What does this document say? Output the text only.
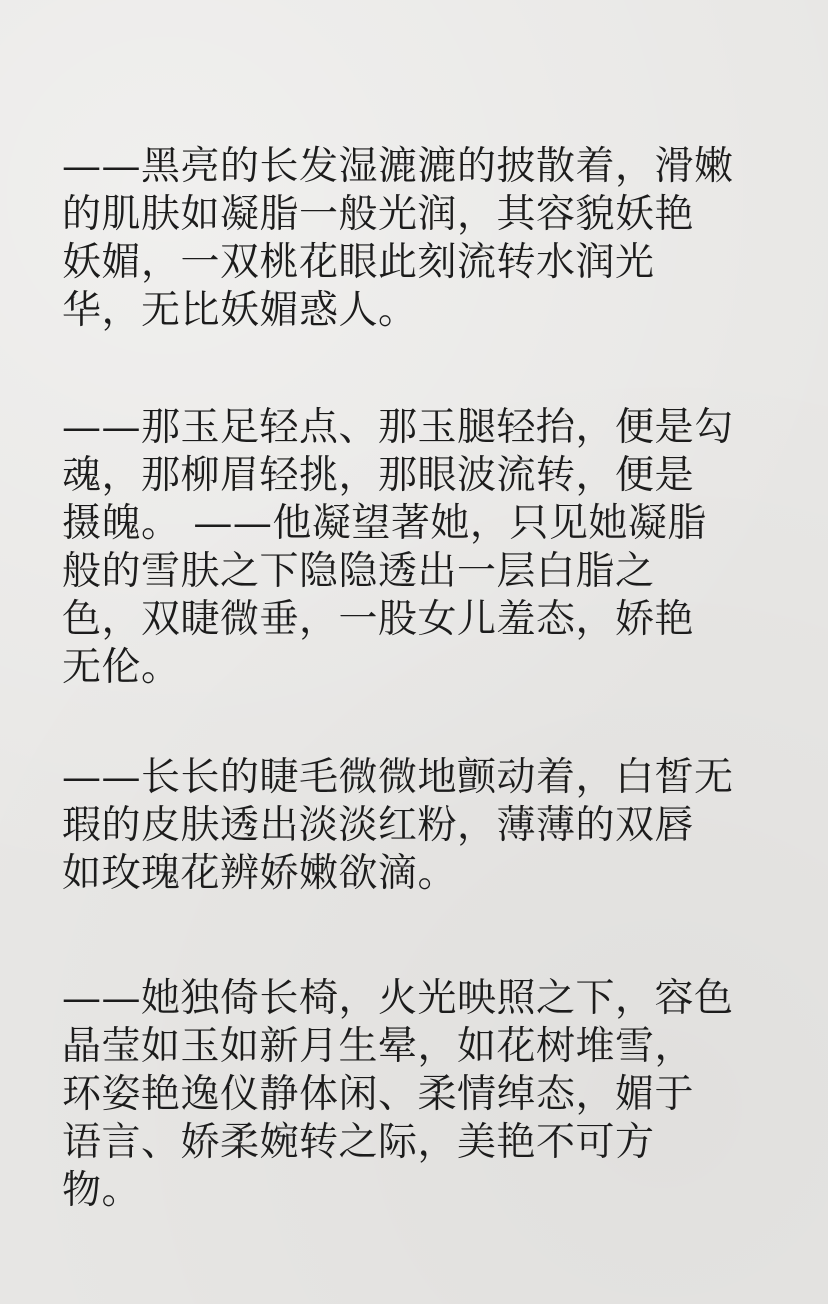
——黑亮的长发湿漉漉的披散着，滑嫩
的肌肤如凝脂一般光润，其容貌妖艳
妖媚，一双桃花眼此刻流转水润光
华，无比妖媚惑人。

——那玉足轻点、那玉腿轻抬，便是勾
魂，那柳眉轻挑，那眼波流转，便是
摄魄。 ——他凝望著她，只见她凝脂
般的雪肤之下隐隐透出一层白脂之
色，双睫微垂，一股女儿羞态，娇艳
无伦。

——长长的睫毛微微地颤动着，白皙无
瑕的皮肤透出淡淡红粉，薄薄的双唇
如玫瑰花辨娇嫩欲滴。

——她独倚长椅，火光映照之下，容色
晶莹如玉如新月生晕，如花树堆雪，
环姿艳逸仪静体闲、柔情绰态，媚于
语言、娇柔婉转之际，美艳不可方
物。
